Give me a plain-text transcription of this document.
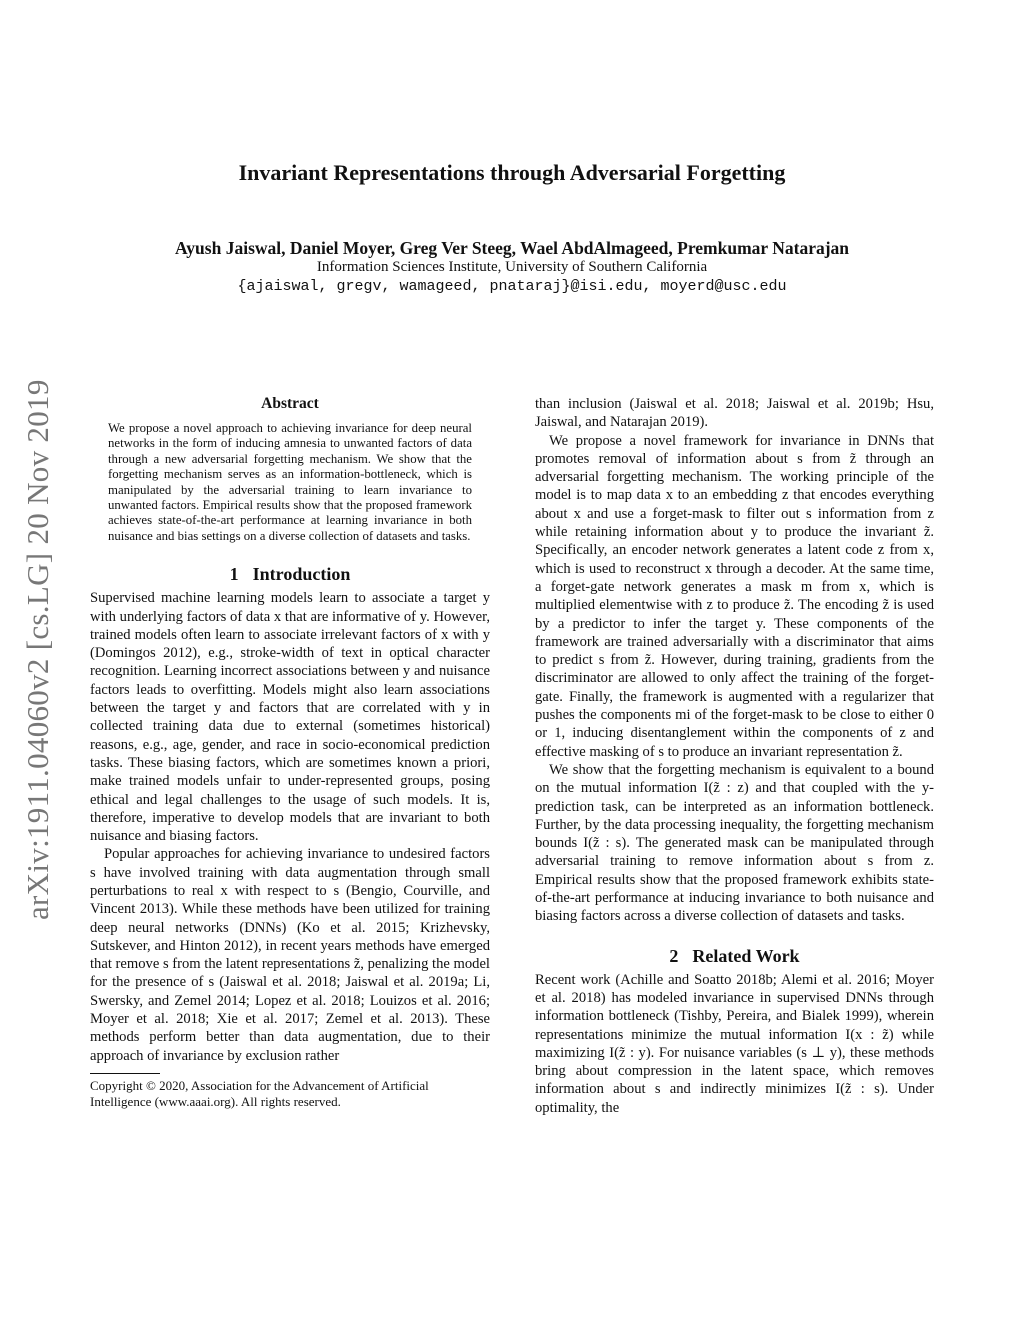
Invariant Representations through Adversarial Forgetting
Ayush Jaiswal, Daniel Moyer, Greg Ver Steeg, Wael AbdAlmageed, Premkumar Natarajan
Information Sciences Institute, University of Southern California
{ajaiswal, gregv, wamageed, pnataraj}@isi.edu, moyerd@usc.edu
arXiv:1911.04060v2 [cs.LG] 20 Nov 2019	Abstract
We propose a novel approach to achieving invariance for deep neural networks in the form of inducing amnesia to unwanted factors of data through a new adversarial forgetting mechanism. We show that the forgetting mechanism serves as an information-bottleneck, which is manipulated by the adversarial training to learn invariance to unwanted factors. Empirical results show that the proposed framework achieves state-of-the-art performance at learning invariance in both nuisance and bias settings on a diverse collection of datasets and tasks.
1 Introduction

Supervised machine learning models learn to associate a target y with underlying factors of data x that are informative of y. However, trained models often learn to associate irrelevant factors of x with y (Domingos 2012), e.g., stroke-width of text in optical character recognition. Learning incorrect associations between y and nuisance factors leads to overfitting. Models might also learn associations between the target y and factors that are correlated with y in collected training data due to external (sometimes historical) reasons, e.g., age, gender, and race in socio-economical prediction tasks. These biasing factors, which are sometimes known a priori, make trained models unfair to under-represented groups, posing ethical and legal challenges to the usage of such models. It is, therefore, imperative to develop models that are invariant to both nuisance and biasing factors.

Popular approaches for achieving invariance to undesired factors s have involved training with data augmentation through small perturbations to real x with respect to s (Bengio, Courville, and Vincent 2013). While these methods have been utilized for training deep neural networks (DNNs) (Ko et al. 2015; Krizhevsky, Sutskever, and Hinton 2012), in recent years methods have emerged that remove s from the latent representations z̃, penalizing the model for the presence of s (Jaiswal et al. 2018; Jaiswal et al. 2019a; Li, Swersky, and Zemel 2014; Lopez et al. 2018; Louizos et al. 2016; Moyer et al. 2018; Xie et al. 2017; Zemel et al. 2013). These methods perform better than data augmentation, due to their approach of invariance by exclusion rather

Copyright © 2020, Association for the Advancement of Artificial Intelligence (www.aaai.org). All rights reserved.

than inclusion (Jaiswal et al. 2018; Jaiswal et al. 2019b; Hsu, Jaiswal, and Natarajan 2019).

We propose a novel framework for invariance in DNNs that promotes removal of information about s from z̃ through an adversarial forgetting mechanism. The working principle of the model is to map data x to an embedding z that encodes everything about x and use a forget-mask to filter out s information from z while retaining information about y to produce the invariant z̃. Specifically, an encoder network generates a latent code z from x, which is used to reconstruct x through a decoder. At the same time, a forget-gate network generates a mask m from x, which is multiplied elementwise with z to produce z̃. The encoding z̃ is used by a predictor to infer the target y. These components of the framework are trained adversarially with a discriminator that aims to predict s from z̃. However, during training, gradients from the discriminator are allowed to only affect the training of the forget-gate. Finally, the framework is augmented with a regularizer that pushes the components mi of the forget-mask to be close to either 0 or 1, inducing disentanglement within the components of z and effective masking of s to produce an invariant representation z̃.

We show that the forgetting mechanism is equivalent to a bound on the mutual information I(z̃ : z) and that coupled with the y-prediction task, can be interpreted as an information bottleneck. Further, by the data processing inequality, the forgetting mechanism bounds I(z̃ : s). The generated mask can be manipulated through adversarial training to remove information about s from z. Empirical results show that the proposed framework exhibits state-of-the-art performance at inducing invariance to both nuisance and biasing factors across a diverse collection of datasets and tasks.

2 Related Work

Recent work (Achille and Soatto 2018b; Alemi et al. 2016; Moyer et al. 2018) has modeled invariance in supervised DNNs through information bottleneck (Tishby, Pereira, and Bialek 1999), wherein representations minimize the mutual information I(x : z̃) while maximizing I(z̃ : y). For nuisance variables (s ⊥ y), these methods bring about compression in the latent space, which removes information about s and indirectly minimizes I(z̃ : s). Under optimality, the
